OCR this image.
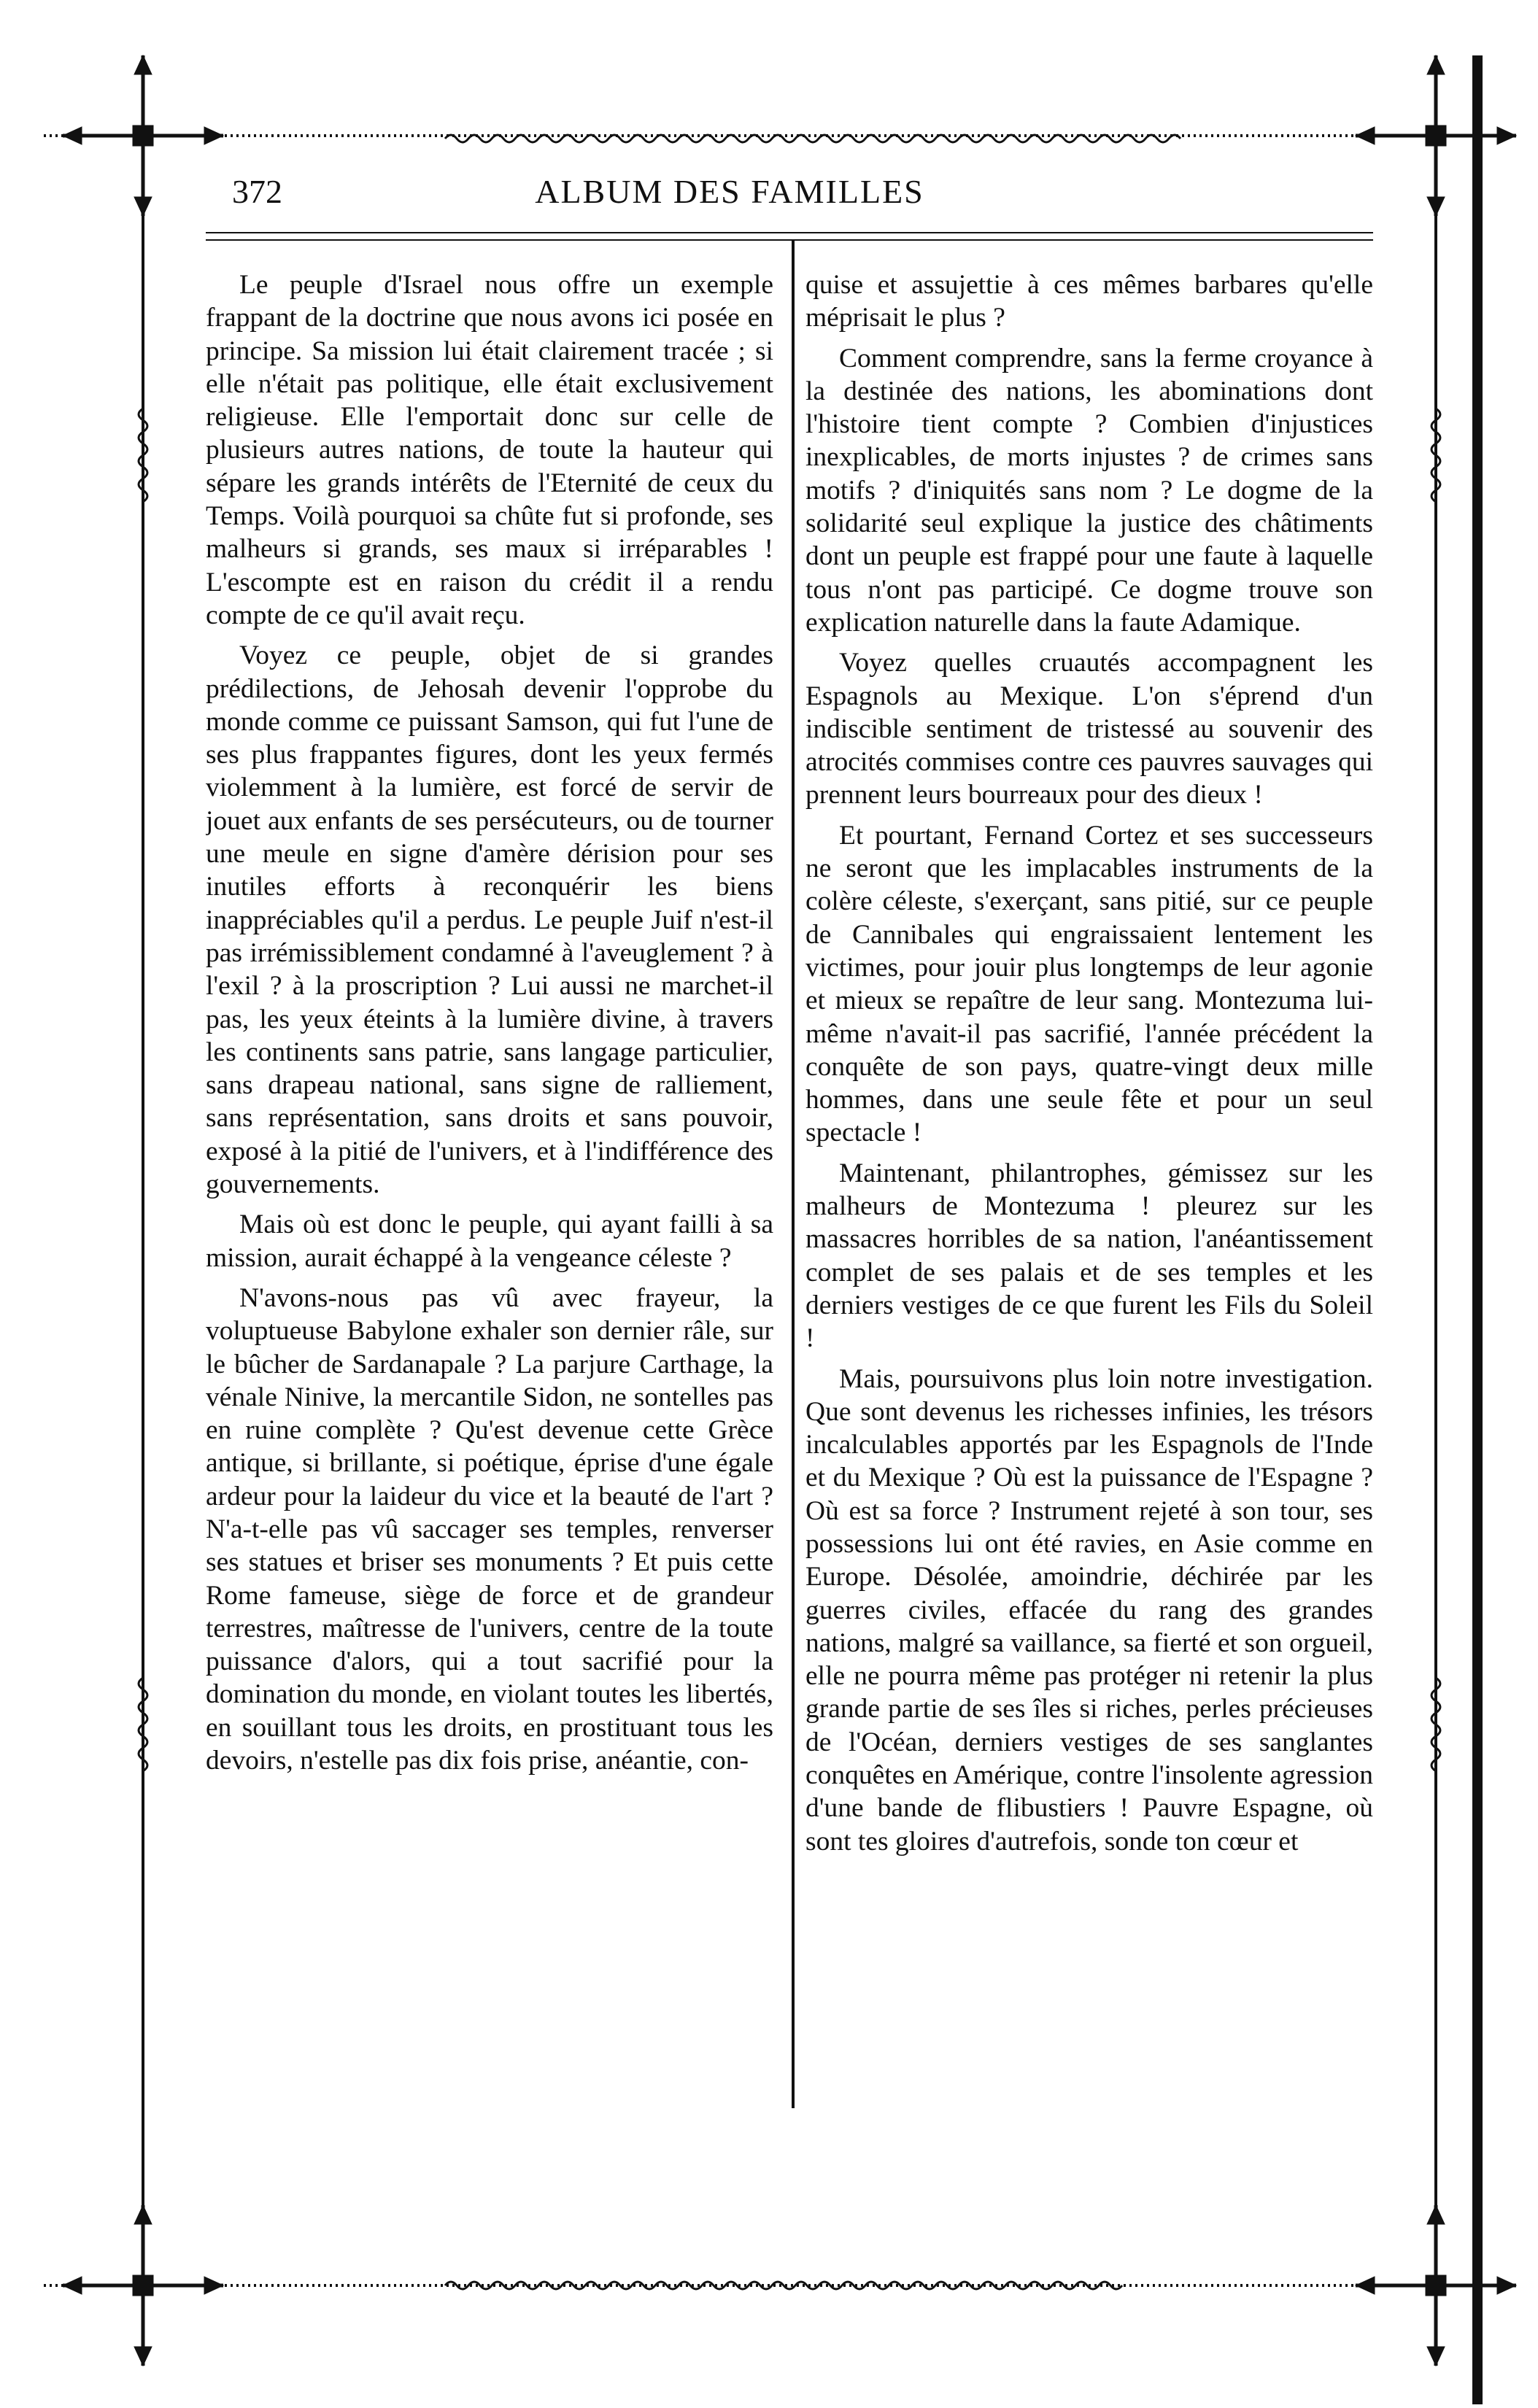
372	ALBUM DES FAMILLES

Le peuple d'Israel nous offre un exemple frappant de la doctrine que nous avons ici posée en principe. Sa mission lui était clairement tracée ; si elle n'était pas politique, elle était exclusivement religieuse. Elle l'emportait donc sur celle de plusieurs autres nations, de toute la hauteur qui sépare les grands intérêts de l'Eternité de ceux du Temps. Voilà pourquoi sa chûte fut si profonde, ses malheurs si grands, ses maux si irréparables ! L'escompte est en raison du crédit il a rendu compte de ce qu'il avait reçu.

Voyez ce peuple, objet de si grandes prédilections, de Jehosah devenir l'opprobe du monde comme ce puissant Samson, qui fut l'une de ses plus frappantes figures, dont les yeux fermés violemment à la lumière, est forcé de servir de jouet aux enfants de ses persécuteurs, ou de tourner une meule en signe d'amère dérision pour ses inutiles efforts à reconquérir les biens inappréciables qu'il a perdus. Le peuple Juif n'est-il pas irrémissiblement condamné à l'aveuglement ? à l'exil ? à la proscription ? Lui aussi ne marchet-il pas, les yeux éteints à la lumière divine, à travers les continents sans patrie, sans langage particulier, sans drapeau national, sans signe de ralliement, sans représentation, sans droits et sans pouvoir, exposé à la pitié de l'univers, et à l'indifférence des gouvernements.

Mais où est donc le peuple, qui ayant failli à sa mission, aurait échappé à la vengeance céleste ?

N'avons-nous pas vû avec frayeur, la voluptueuse Babylone exhaler son dernier râle, sur le bûcher de Sardanapale ? La parjure Carthage, la vénale Ninive, la mercantile Sidon, ne sontelles pas en ruine complète ? Qu'est devenue cette Grèce antique, si brillante, si poétique, éprise d'une égale ardeur pour la laideur du vice et la beauté de l'art ? N'a-t-elle pas vû saccager ses temples, renverser ses statues et briser ses monuments ? Et puis cette Rome fameuse, siège de force et de grandeur terrestres, maîtresse de l'univers, centre de la toute puissance d'alors, qui a tout sacrifié pour la domination du monde, en violant toutes les libertés, en souillant tous les droits, en prostituant tous les devoirs, n'estelle pas dix fois prise, anéantie, con-

quise et assujettie à ces mêmes barbares qu'elle méprisait le plus ?

Comment comprendre, sans la ferme croyance à la destinée des nations, les abominations dont l'histoire tient compte ? Combien d'injustices inexplicables, de morts injustes ? de crimes sans motifs ? d'iniquités sans nom ? Le dogme de la solidarité seul explique la justice des châtiments dont un peuple est frappé pour une faute à laquelle tous n'ont pas participé. Ce dogme trouve son explication naturelle dans la faute Adamique.

Voyez quelles cruautés accompagnent les Espagnols au Mexique. L'on s'éprend d'un indiscible sentiment de tristessé au souvenir des atrocités commises contre ces pauvres sauvages qui prennent leurs bourreaux pour des dieux !

Et pourtant, Fernand Cortez et ses successeurs ne seront que les implacables instruments de la colère céleste, s'exerçant, sans pitié, sur ce peuple de Cannibales qui engraissaient lentement les victimes, pour jouir plus longtemps de leur agonie et mieux se repaître de leur sang. Montezuma lui-même n'avait-il pas sacrifié, l'année précédent la conquête de son pays, quatre-vingt deux mille hommes, dans une seule fête et pour un seul spectacle !

Maintenant, philantrophes, gémissez sur les malheurs de Montezuma ! pleurez sur les massacres horribles de sa nation, l'anéantissement complet de ses palais et de ses temples et les derniers vestiges de ce que furent les Fils du Soleil !

Mais, poursuivons plus loin notre investigation. Que sont devenus les richesses infinies, les trésors incalculables apportés par les Espagnols de l'Inde et du Mexique ? Où est la puissance de l'Espagne ? Où est sa force ? Instrument rejeté à son tour, ses possessions lui ont été ravies, en Asie comme en Europe. Désolée, amoindrie, déchirée par les guerres civiles, effacée du rang des grandes nations, malgré sa vaillance, sa fierté et son orgueil, elle ne pourra même pas protéger ni retenir la plus grande partie de ses îles si riches, perles précieuses de l'Océan, derniers vestiges de ses sanglantes conquêtes en Amérique, contre l'insolente agression d'une bande de flibustiers ! Pauvre Espagne, où sont tes gloires d'autrefois, sonde ton cœur et
